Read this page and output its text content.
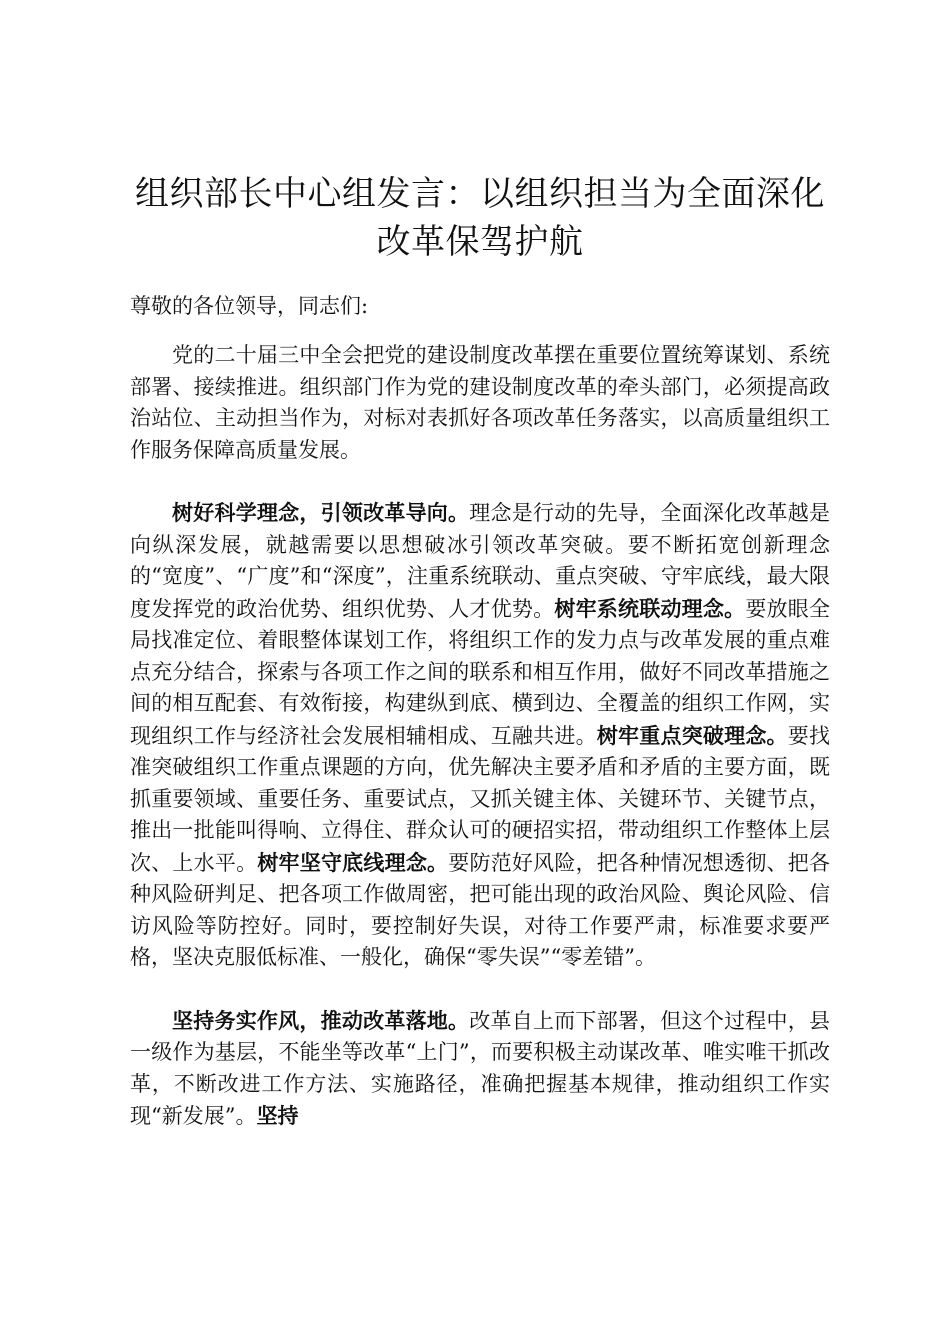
组织部长中心组发言：以组织担当为全面深化改革保驾护航

尊敬的各位领导，同志们:

党的二十届三中全会把党的建设制度改革摆在重要位置统筹谋划、系统部署、接续推进。组织部门作为党的建设制度改革的牵头部门，必须提高政治站位、主动担当作为，对标对表抓好各项改革任务落实，以高质量组织工作服务保障高质量发展。

树好科学理念，引领改革导向。理念是行动的先导，全面深化改革越是向纵深发展，就越需要以思想破冰引领改革突破。要不断拓宽创新理念的“宽度”、“广度”和“深度”，注重系统联动、重点突破、守牢底线，最大限度发挥党的政治优势、组织优势、人才优势。树牢系统联动理念。要放眼全局找准定位、着眼整体谋划工作，将组织工作的发力点与改革发展的重点难点充分结合，探索与各项工作之间的联系和相互作用，做好不同改革措施之间的相互配套、有效衔接，构建纵到底、横到边、全覆盖的组织工作网，实现组织工作与经济社会发展相辅相成、互融共进。树牢重点突破理念。要找准突破组织工作重点课题的方向，优先解决主要矛盾和矛盾的主要方面，既抓重要领域、重要任务、重要试点，又抓关键主体、关键环节、关键节点，推出一批能叫得响、立得住、群众认可的硬招实招，带动组织工作整体上层次、上水平。树牢坚守底线理念。要防范好风险，把各种情况想透彻、把各种风险研判足、把各项工作做周密，把可能出现的政治风险、舆论风险、信访风险等防控好。同时，要控制好失误，对待工作要严肃，标准要求要严格，坚决克服低标准、一般化，确保“零失误”“零差错”。

坚持务实作风，推动改革落地。改革自上而下部署，但这个过程中，县一级作为基层，不能坐等改革“上门”，而要积极主动谋改革、唯实唯干抓改革，不断改进工作方法、实施路径，准确把握基本规律，推动组织工作实现“新发展”。坚持
